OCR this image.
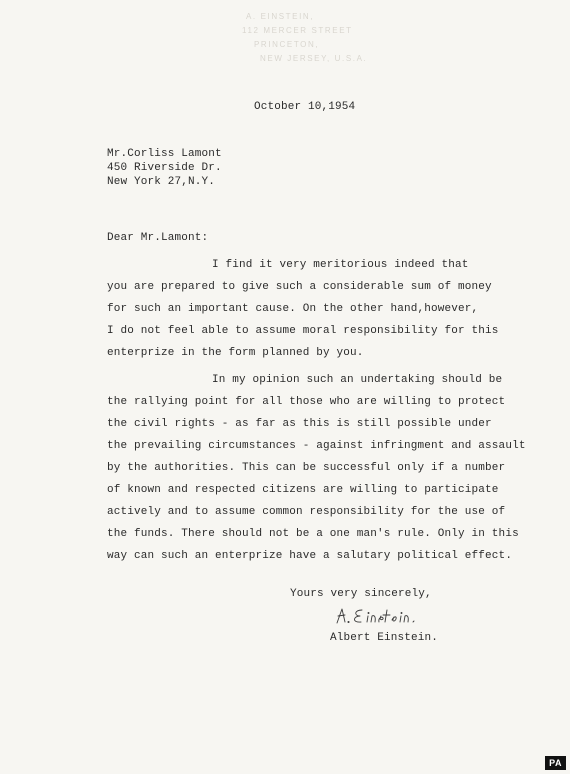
A. EINSTEIN,
112 MERCER STREET
PRINCETON,
NEW JERSEY, U.S.A.
October 10,1954
Mr.Corliss Lamont
450 Riverside Dr.
New York 27,N.Y.
Dear Mr.Lamont:
I find it very meritorious indeed that
you are prepared to give such a considerable sum of money
for such an important cause. On the other hand,however,
I do not feel able to assume moral responsibility for this
enterprize in the form planned by you.
In my opinion such an undertaking should be
the rallying point for all those who are willing to protect
the civil rights - as far as this is still possible under
the prevailing circumstances - against infringment and assault
by the authorities. This can be successful only if a number
of known and respected citizens are willing to participate
actively and to assume common responsibility for the use of
the funds. There should not be a one man's rule. Only in this
way can such an enterprize have a salutary political effect.
Yours very sincerely,
Albert Einstein.
PA
